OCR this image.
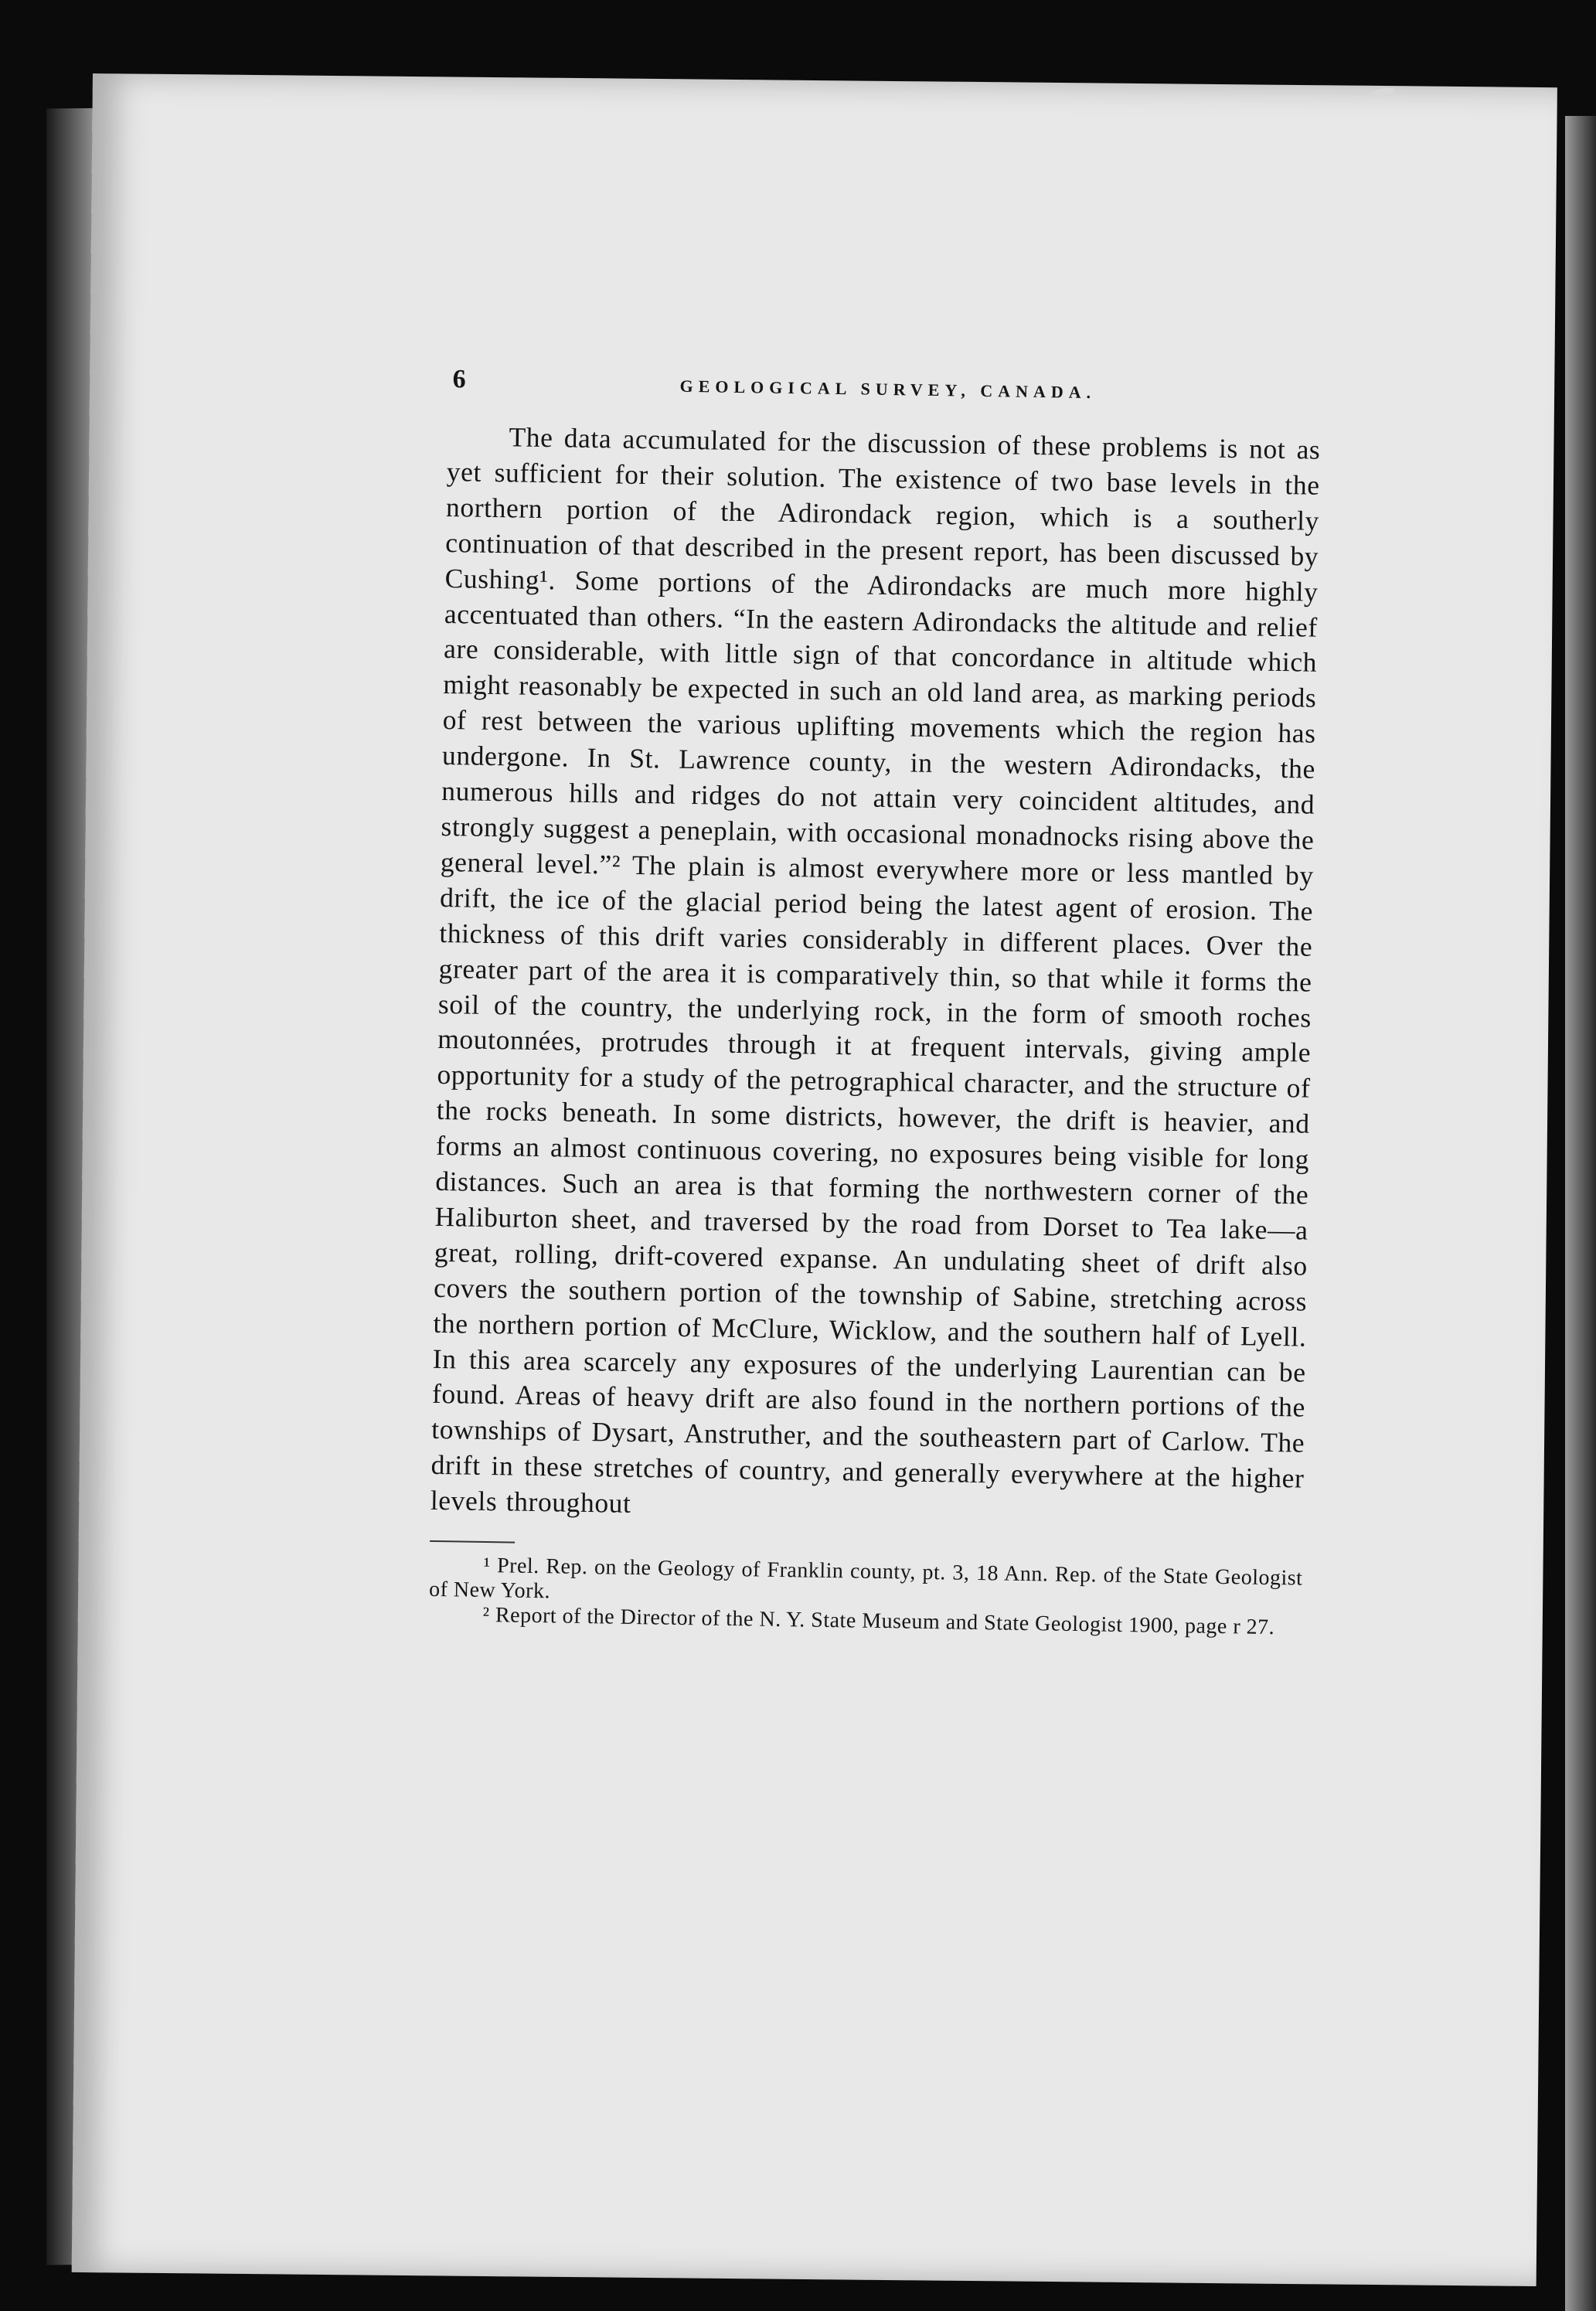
6	GEOLOGICAL SURVEY, CANADA.

The data accumulated for the discussion of these problems is not as yet sufficient for their solution. The existence of two base levels in the northern portion of the Adirondack region, which is a southerly continuation of that described in the present report, has been discussed by Cushing¹. Some portions of the Adirondacks are much more highly accentuated than others. “In the eastern Adirondacks the altitude and relief are considerable, with little sign of that concordance in altitude which might reasonably be expected in such an old land area, as marking periods of rest between the various uplifting movements which the region has undergone. In St. Lawrence county, in the western Adirondacks, the numerous hills and ridges do not attain very coincident altitudes, and strongly suggest a peneplain, with occasional monadnocks rising above the general level.”² The plain is almost everywhere more or less mantled by drift, the ice of the glacial period being the latest agent of erosion. The thickness of this drift varies considerably in different places. Over the greater part of the area it is comparatively thin, so that while it forms the soil of the country, the underlying rock, in the form of smooth roches moutonnées, protrudes through it at frequent intervals, giving ample opportunity for a study of the petrographical character, and the structure of the rocks beneath. In some districts, however, the drift is heavier, and forms an almost continuous covering, no exposures being visible for long distances. Such an area is that forming the northwestern corner of the Haliburton sheet, and traversed by the road from Dorset to Tea lake—a great, rolling, drift-covered expanse. An undulating sheet of drift also covers the southern portion of the township of Sabine, stretching across the northern portion of McClure, Wicklow, and the southern half of Lyell. In this area scarcely any exposures of the underlying Laurentian can be found. Areas of heavy drift are also found in the northern portions of the townships of Dysart, Anstruther, and the southeastern part of Carlow. The drift in these stretches of country, and generally everywhere at the higher levels throughout

¹ Prel. Rep. on the Geology of Franklin county, pt. 3, 18 Ann. Rep. of the State Geologist of New York.

² Report of the Director of the N. Y. State Museum and State Geologist 1900, page r 27.
